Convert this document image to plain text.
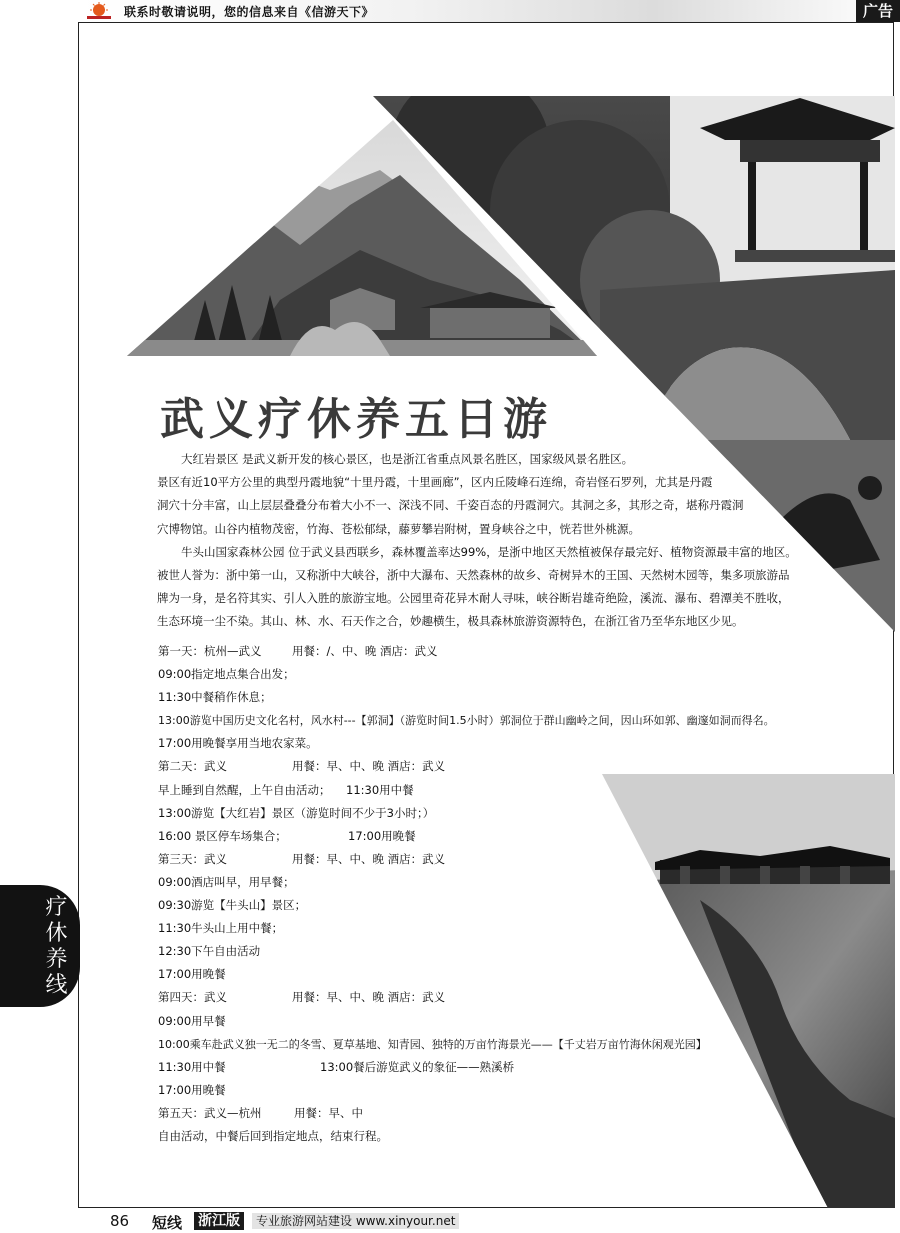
联系时敬请说明，您的信息来自《信游天下》	广告
疗休养线
武义疗休养五日游

大红岩景区 是武义新开发的核心景区，也是浙江省重点风景名胜区，国家级风景名胜区。

景区有近10平方公里的典型丹霞地貌“十里丹霞，十里画廊”，区内丘陵峰石连绵，奇岩怪石罗列，尤其是丹霞

洞穴十分丰富，山上层层叠叠分布着大小不一、深浅不同、千姿百态的丹霞洞穴。其洞之多，其形之奇，堪称丹霞洞

穴博物馆。山谷内植物茂密，竹海、苍松郁绿，藤萝攀岩附树，置身峡谷之中，恍若世外桃源。

牛头山国家森林公园 位于武义县西联乡，森林覆盖率达99%，是浙中地区天然植被保存最完好、植物资源最丰富的地区。

被世人誉为：浙中第一山，又称浙中大峡谷，浙中大瀑布、天然森林的故乡、奇树异木的王国、天然树木园等，集多项旅游品

牌为一身，是名符其实、引人入胜的旅游宝地。公园里奇花异木耐人寻味，峡谷断岩雄奇绝险，溪流、瀑布、碧潭美不胜收，

生态环境一尘不染。其山、林、水、石天作之合，妙趣横生，极具森林旅游资源特色，在浙江省乃至华东地区少见。

第一天：杭州—武义	用餐：/、中、晚 酒店：武义
09:00指定地点集合出发；
11:30中餐稍作休息；
13:00游览中国历史文化名村，风水村---【郭洞】（游览时间1.5小时）郭洞位于群山幽岭之间，因山环如郭、幽邃如洞而得名。
17:00用晚餐享用当地农家菜。
第二天：武义	用餐：早、中、晚 酒店：武义
早上睡到自然醒，上午自由活动； 11:30用中餐
13:00游览【大红岩】景区（游览时间不少于3小时；）
16:00 景区停车场集合；	17:00用晚餐
第三天：武义	用餐：早、中、晚 酒店：武义
09:00酒店叫早，用早餐；
09:30游览【牛头山】景区；
11:30牛头山上用中餐；
12:30下午自由活动
17:00用晚餐
第四天：武义	用餐：早、中、晚 酒店：武义
09:00用早餐
10:00乘车赴武义独一无二的冬雪、夏草基地、知青园、独特的万亩竹海景光——【千丈岩万亩竹海休闲观光园】
11:30用中餐	13:00餐后游览武义的象征——熟溪桥
17:00用晚餐
第五天：武义—杭州	用餐：早、中
自由活动，中餐后回到指定地点，结束行程。
86 短线 浙江版	专业旅游网站建设 www.xinyour.net
